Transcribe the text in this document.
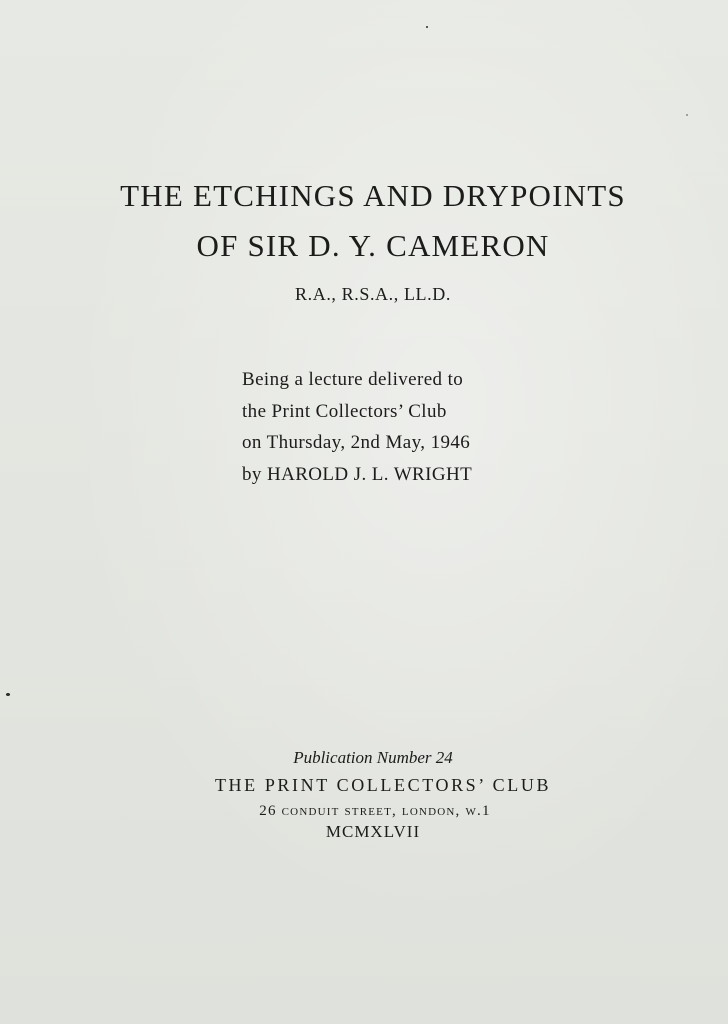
THE ETCHINGS AND DRYPOINTS
OF SIR D. Y. CAMERON
R.A., R.S.A., LL.D.
Being a lecture delivered to
the Print Collectors’ Club
on Thursday, 2nd May, 1946
by HAROLD J. L. WRIGHT
Publication Number 24
THE PRINT COLLECTORS’ CLUB
26 conduit street, london, w.1
MCMXLVII
